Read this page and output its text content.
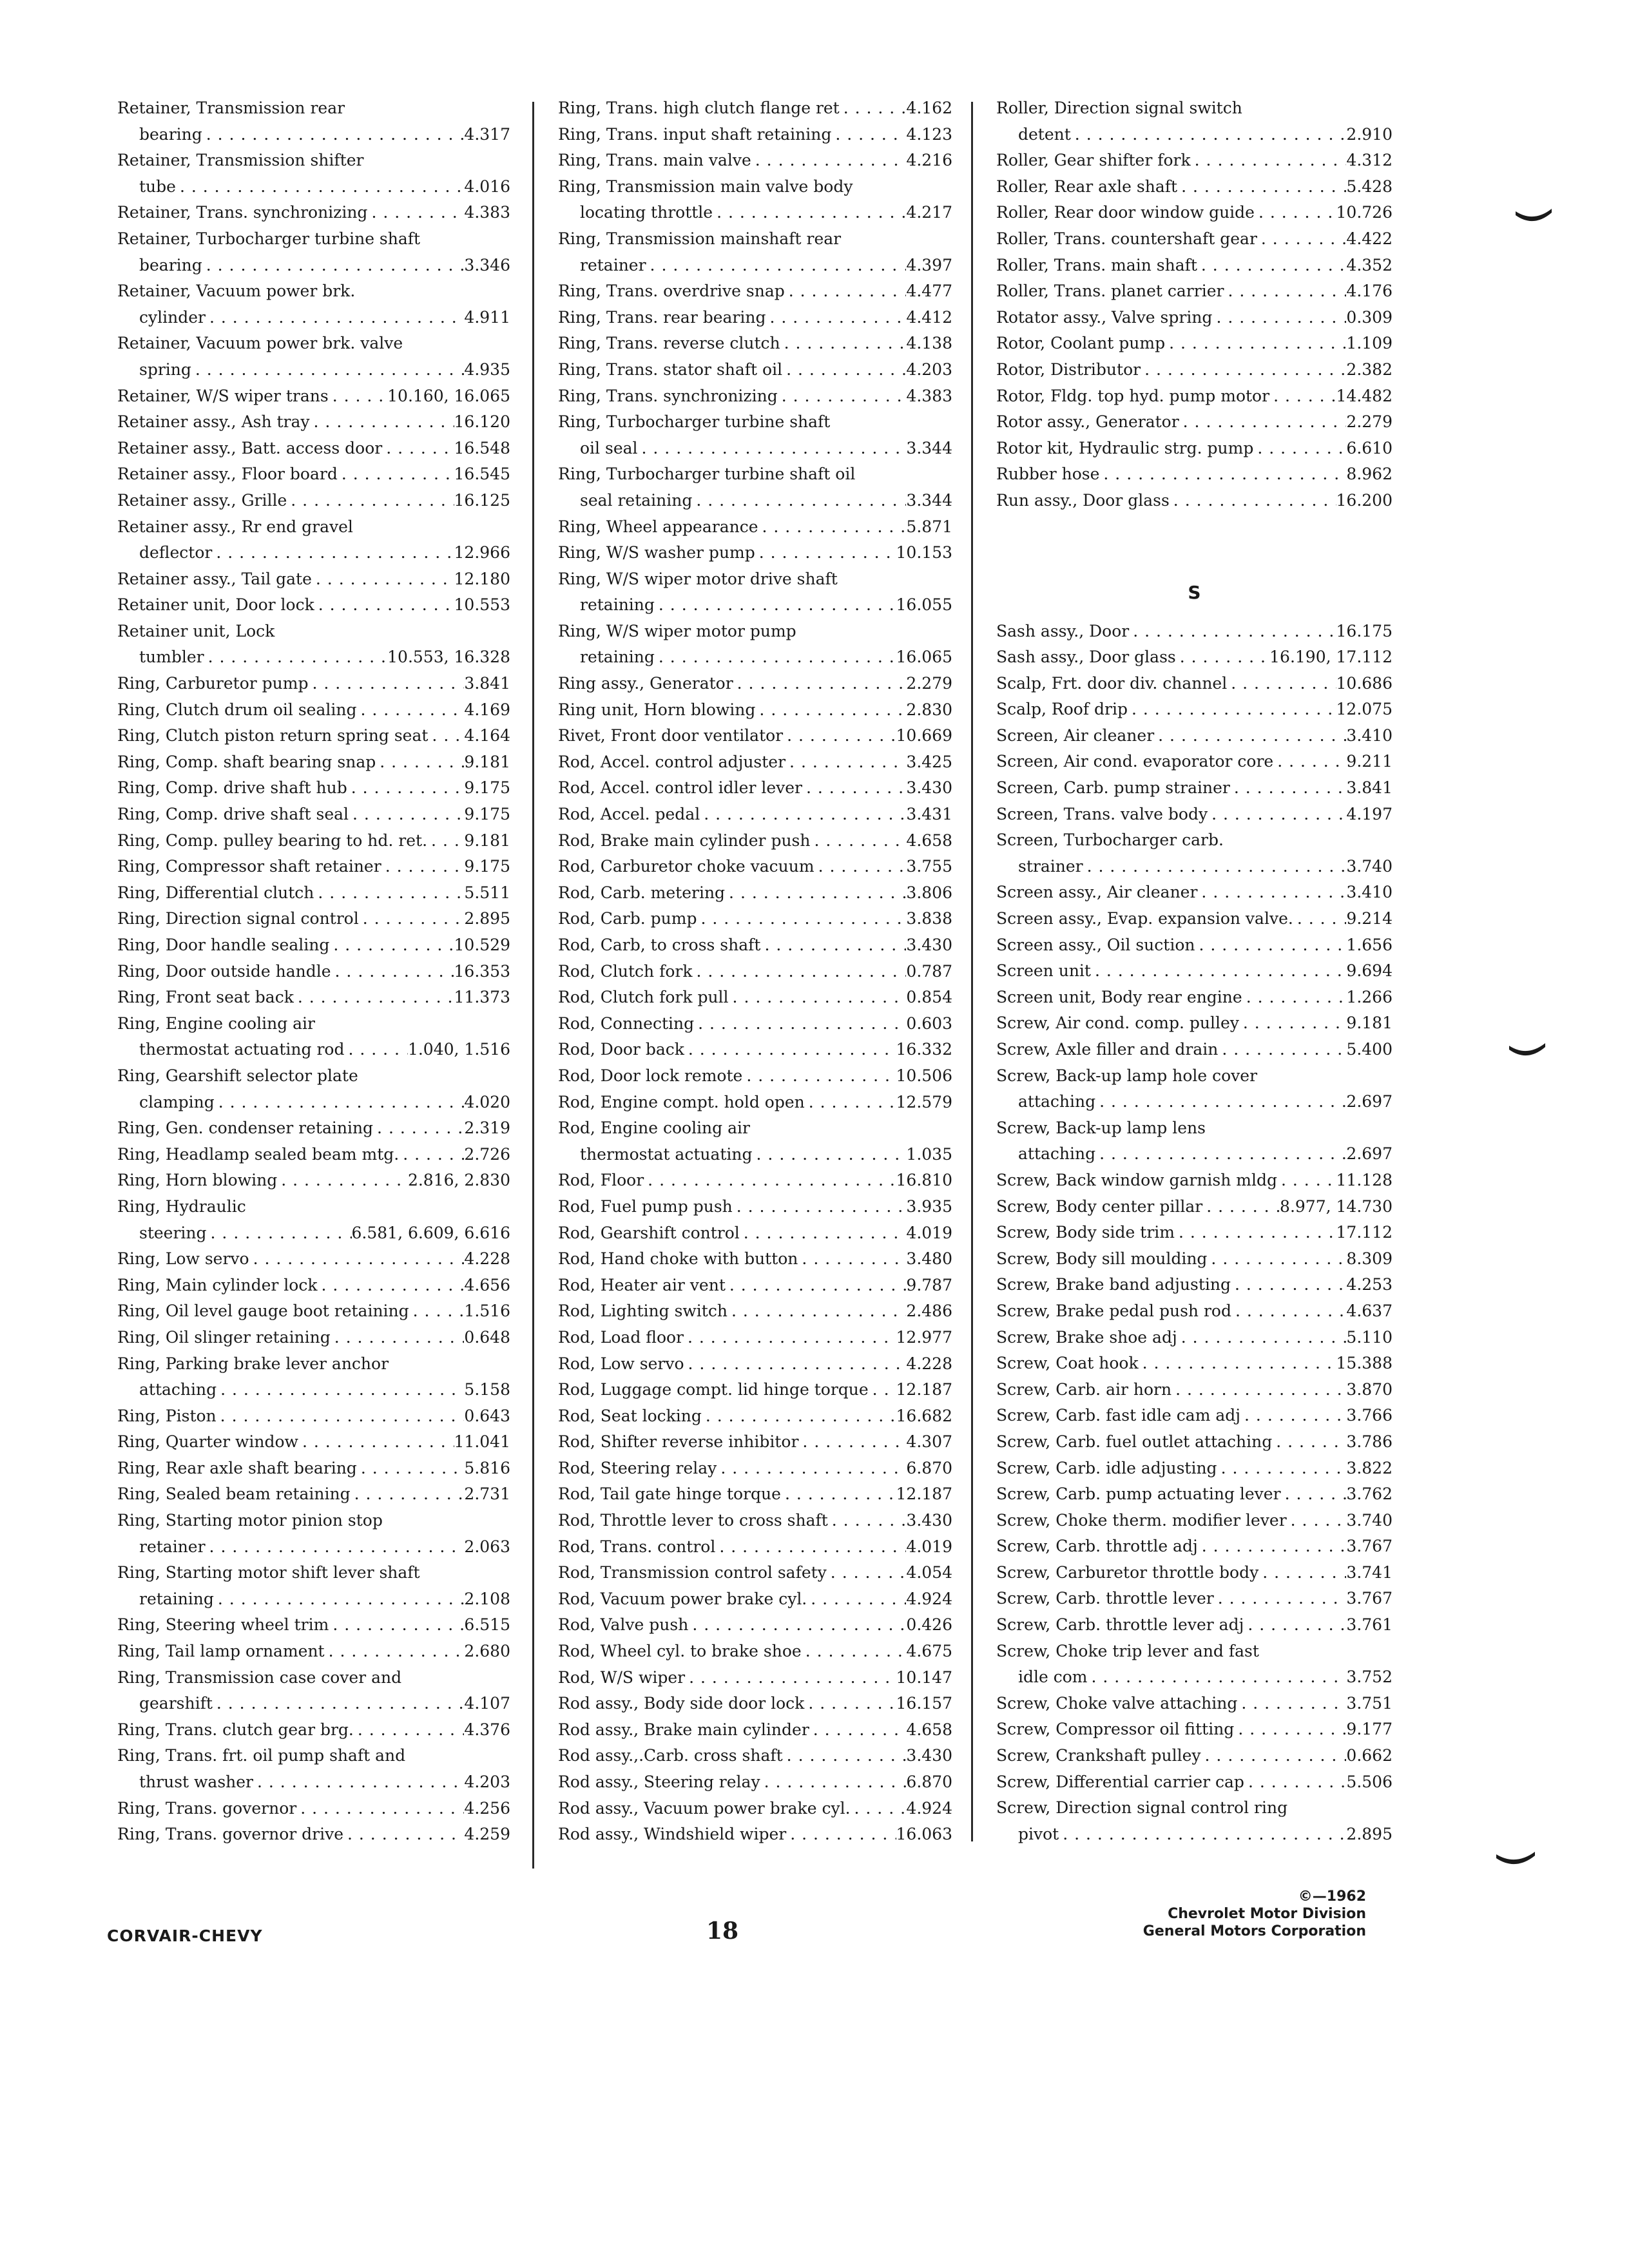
Retainer, Transmission rear
bearing . . .	4.317
Retainer, Transmission shifter
tube . . .	4.016
Retainer, Trans. synchronizing . . .	4.383
Retainer, Turbocharger turbine shaft
bearing . . .	3.346
Retainer, Vacuum power brk.
cylinder . . .	4.911
Retainer, Vacuum power brk. valve
spring . . .	4.935
Retainer, W/S wiper trans . . .	10.160, 16.065
Retainer assy., Ash tray . . .	16.120
Retainer assy., Batt. access door . . .	16.548
Retainer assy., Floor board . . .	16.545
Retainer assy., Grille . . .	16.125
Retainer assy., Rr end gravel
deflector . . .	12.966
Retainer assy., Tail gate . . .	12.180
Retainer unit, Door lock . . .	10.553
Retainer unit, Lock
tumbler . . .	10.553, 16.328
Ring, Carburetor pump . . .	3.841
Ring, Clutch drum oil sealing . . .	4.169
Ring, Clutch piston return spring seat . . . 4.164
Ring, Comp. shaft bearing snap . . .	9.181
Ring, Comp. drive shaft hub . . .	9.175
Ring, Comp. drive shaft seal . . .	9.175
Ring, Comp. pulley bearing to hd. ret. . . . 9.181
Ring, Compressor shaft retainer . . .	9.175
Ring, Differential clutch . . .	5.511
Ring, Direction signal control . . .	2.895
Ring, Door handle sealing . . .	10.529
Ring, Door outside handle . . .	16.353
Ring, Front seat back . . .	11.373
Ring, Engine cooling air
thermostat actuating rod . . .	1.040, 1.516
Ring, Gearshift selector plate
clamping . . .	4.020
Ring, Gen. condenser retaining . . .	2.319
Ring, Headlamp sealed beam mtg. . . .	2.726
Ring, Horn blowing . . .	2.816, 2.830
Ring, Hydraulic
steering . . .	6.581, 6.609, 6.616
Ring, Low servo . . .	4.228
Ring, Main cylinder lock . . .	4.656
Ring, Oil level gauge boot retaining . . .	1.516
Ring, Oil slinger retaining . . .	0.648
Ring, Parking brake lever anchor
attaching . . .	5.158
Ring, Piston . . .	0.643
Ring, Quarter window . . .	11.041
Ring, Rear axle shaft bearing . . .	5.816
Ring, Sealed beam retaining . . .	2.731
Ring, Starting motor pinion stop
retainer . . .	2.063
Ring, Starting motor shift lever shaft
retaining . . .	2.108
Ring, Steering wheel trim . . .	6.515
Ring, Tail lamp ornament . . .	2.680
Ring, Transmission case cover and
gearshift . . .	4.107
Ring, Trans. clutch gear brg. . . .	4.376
Ring, Trans. frt. oil pump shaft and
thrust washer . . .	4.203
Ring, Trans. governor . . .	4.256
Ring, Trans. governor drive . . .	4.259
Ring, Trans. high clutch flange ret . . .	4.162
Ring, Trans. input shaft retaining . . .	4.123
Ring, Trans. main valve . . .	4.216
Ring, Transmission main valve body
locating throttle . . .	4.217
Ring, Transmission mainshaft rear
retainer . . .	4.397
Ring, Trans. overdrive snap . . .	4.477
Ring, Trans. rear bearing . . .	4.412
Ring, Trans. reverse clutch . . .	4.138
Ring, Trans. stator shaft oil . . .	4.203
Ring, Trans. synchronizing . . .	4.383
Ring, Turbocharger turbine shaft
oil seal . . .	3.344
Ring, Turbocharger turbine shaft oil
seal retaining . . .	3.344
Ring, Wheel appearance . . .	5.871
Ring, W/S washer pump . . .	10.153
Ring, W/S wiper motor drive shaft
retaining . . .	16.055
Ring, W/S wiper motor pump
retaining . . .	16.065
Ring assy., Generator . . .	2.279
Ring unit, Horn blowing . . .	2.830
Rivet, Front door ventilator . . .	10.669
Rod, Accel. control adjuster . . .	3.425
Rod, Accel. control idler lever . . .	3.430
Rod, Accel. pedal . . .	3.431
Rod, Brake main cylinder push . . .	4.658
Rod, Carburetor choke vacuum . . .	3.755
Rod, Carb. metering . . .	3.806
Rod, Carb. pump . . .	3.838
Rod, Carb, to cross shaft . . .	3.430
Rod, Clutch fork . . .	0.787
Rod, Clutch fork pull . . .	0.854
Rod, Connecting . . .	0.603
Rod, Door back . . .	16.332
Rod, Door lock remote . . .	10.506
Rod, Engine compt. hold open . . .	12.579
Rod, Engine cooling air
thermostat actuating . . .	1.035
Rod, Floor . . .	16.810
Rod, Fuel pump push . . .	3.935
Rod, Gearshift control . . .	4.019
Rod, Hand choke with button . . .	3.480
Rod, Heater air vent . . .	9.787
Rod, Lighting switch . . .	2.486
Rod, Load floor . . .	12.977
Rod, Low servo . . .	4.228
Rod, Luggage compt. lid hinge torque . . . 12.187
Rod, Seat locking . . .	16.682
Rod, Shifter reverse inhibitor . . .	4.307
Rod, Steering relay . . .	6.870
Rod, Tail gate hinge torque . . .	12.187
Rod, Throttle lever to cross shaft . . .	3.430
Rod, Trans. control . . .	4.019
Rod, Transmission control safety . . .	4.054
Rod, Vacuum power brake cyl. . . .	4.924
Rod, Valve push . . .	0.426
Rod, Wheel cyl. to brake shoe . . .	4.675
Rod, W/S wiper . . .	10.147
Rod assy., Body side door lock . . .	16.157
Rod assy., Brake main cylinder . . .	4.658
Rod assy.,.Carb. cross shaft . . .	3.430
Rod assy., Steering relay . . .	6.870
Rod assy., Vacuum power brake cyl. . . .	4.924
Rod assy., Windshield wiper . . .	16.063
Roller, Direction signal switch
detent . . .	2.910
Roller, Gear shifter fork . . .	4.312
Roller, Rear axle shaft . . .	5.428
Roller, Rear door window guide . . .	10.726
Roller, Trans. countershaft gear . . .	4.422
Roller, Trans. main shaft . . .	4.352
Roller, Trans. planet carrier . . .	4.176
Rotator assy., Valve spring . . .	0.309
Rotor, Coolant pump . . .	1.109
Rotor, Distributor . . .	2.382
Rotor, Fldg. top hyd. pump motor . . .	14.482
Rotor assy., Generator . . .	2.279
Rotor kit, Hydraulic strg. pump . . .	6.610
Rubber hose . . .	8.962
Run assy., Door glass . . .	16.200
S
Sash assy., Door . . .	16.175
Sash assy., Door glass . . .	16.190, 17.112
Scalp, Frt. door div. channel . . .	10.686
Scalp, Roof drip . . .	12.075
Screen, Air cleaner . . .	3.410
Screen, Air cond. evaporator core . . .	9.211
Screen, Carb. pump strainer . . .	3.841
Screen, Trans. valve body . . .	4.197
Screen, Turbocharger carb.
strainer . . .	3.740
Screen assy., Air cleaner . . .	3.410
Screen assy., Evap. expansion valve. . . .	9.214
Screen assy., Oil suction . . .	1.656
Screen unit . . .	9.694
Screen unit, Body rear engine . . .	1.266
Screw, Air cond. comp. pulley . . .	9.181
Screw, Axle filler and drain . . .	5.400
Screw, Back-up lamp hole cover
attaching . . .	2.697
Screw, Back-up lamp lens
attaching . . .	2.697
Screw, Back window garnish mldg . . .	11.128
Screw, Body center pillar . . .	8.977, 14.730
Screw, Body side trim . . .	17.112
Screw, Body sill moulding . . .	8.309
Screw, Brake band adjusting . . .	4.253
Screw, Brake pedal push rod . . .	4.637
Screw, Brake shoe adj . . .	5.110
Screw, Coat hook . . .	15.388
Screw, Carb. air horn . . .	3.870
Screw, Carb. fast idle cam adj . . .	3.766
Screw, Carb. fuel outlet attaching . . .	3.786
Screw, Carb. idle adjusting . . .	3.822
Screw, Carb. pump actuating lever . . .	3.762
Screw, Choke therm. modifier lever . . .	3.740
Screw, Carb. throttle adj . . .	3.767
Screw, Carburetor throttle body . . .	3.741
Screw, Carb. throttle lever . . .	3.767
Screw, Carb. throttle lever adj . . .	3.761
Screw, Choke trip lever and fast
idle com . . .	3.752
Screw, Choke valve attaching . . .	3.751
Screw, Compressor oil fitting . . .	9.177
Screw, Crankshaft pulley . . .	0.662
Screw, Differential carrier cap . . .	5.506
Screw, Direction signal control ring
pivot . . .	2.895
CORVAIR-CHEVY	18
©—1962
Chevrolet Motor Division
General Motors Corporation
